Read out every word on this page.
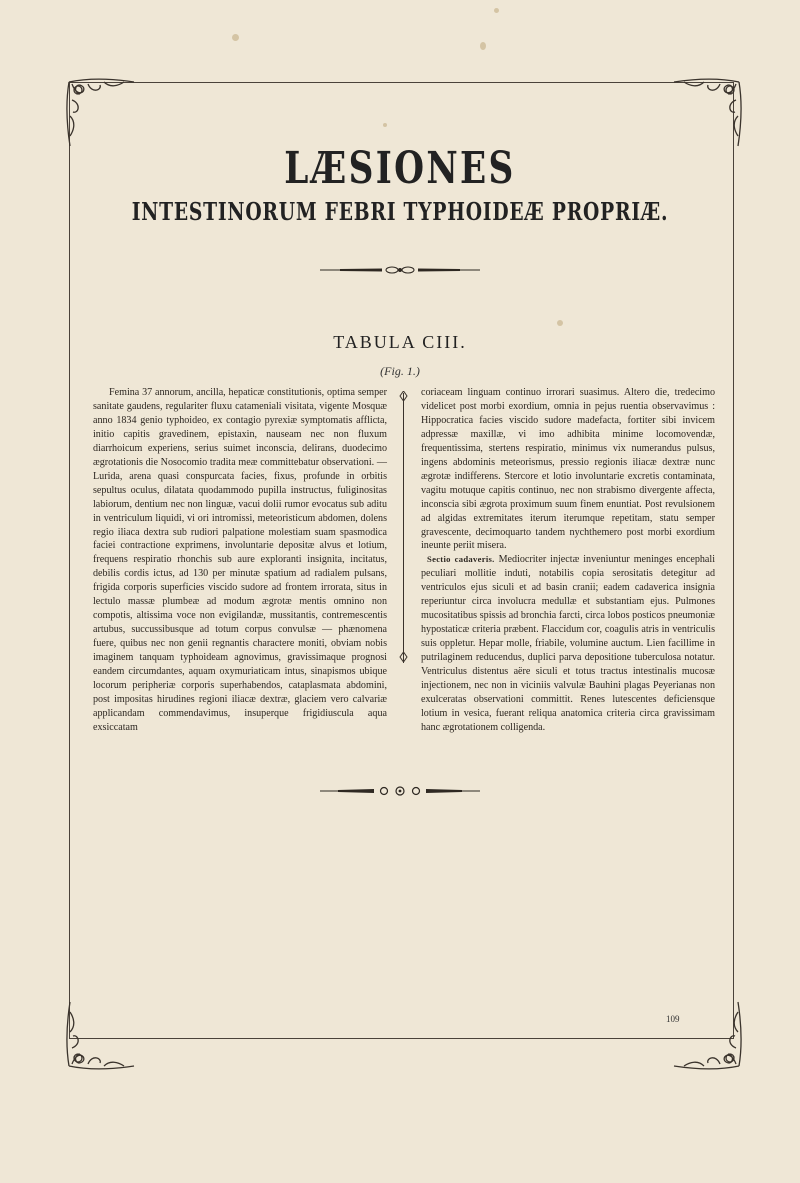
LÆSIONES
INTESTINORUM FEBRI TYPHOIDEÆ PROPRIÆ.
TABULA CIII.
(Fig. 1.)

Femina 37 annorum, ancilla, hepaticæ constitutionis, optima semper sanitate gaudens, regulariter fluxu catameniali visitata, vigente Mosquæ anno 1834 genio typhoideo, ex contagio pyrexiæ symptomatis afflicta, initio capitis gravedinem, epistaxin, nauseam nec non fluxum diarrhoicum experiens, serius suimet inconscia, delirans, duodecimo ægrotationis die Nosocomio tradita meæ committebatur observationi. — Lurida, arena quasi conspurcata facies, fixus, profunde in orbitis sepultus oculus, dilatata quodammodo pupilla instructus, fuliginositas labiorum, dentium nec non linguæ, vacui dolii rumor evocatus sub aditu in ventriculum liquidi, vi ori intromissi, meteoristicum abdomen, dolens regio iliaca dextra sub rudiori palpatione molestiam suam spasmodica faciei contractione exprimens, involuntarie depositæ alvus et lotium, frequens respiratio rhonchis sub aure exploranti insignita, incitatus, debilis cordis ictus, ad 130 per minutæ spatium ad radialem pulsans, frigida corporis superficies viscido sudore ad frontem irrorata, situs in lectulo massæ plumbeæ ad modum ægrotæ mentis omnino non compotis, altissima voce non evigilandæ, mussitantis, contremescentis artubus, succussibusque ad totum corpus convulsæ — phænomena fuere, quibus nec non genii regnantis charactere moniti, obviam nobis imaginem tanquam typhoideam agnovimus, gravissimaque prognosi eandem circumdantes, aquam oxymuriaticam intus, sinapismos ubique locorum peripheriæ corporis superhabendos, cataplasmata abdomini, post impositas hirudines regioni iliacæ dextræ, glaciem vero calvariæ applicandam commendavimus, insuperque frigidiuscula aqua exsiccatam

coriaceam linguam continuo irrorari suasimus. Altero die, tredecimo videlicet post morbi exordium, omnia in pejus ruentia observavimus : Hippocratica facies viscido sudore madefacta, fortiter sibi invicem adpressæ maxillæ, vi imo adhibita minime locomovendæ, frequentissima, stertens respiratio, minimus vix numerandus pulsus, ingens abdominis meteorismus, pressio regionis iliacæ dextræ nunc ægrotæ indifferens. Stercore et lotio involuntarie excretis contaminata, vagitu motuque capitis continuo, nec non strabismo divergente affecta, inconscia sibi ægrota proximum suum finem enuntiat. Post revulsionem ad algidas extremitates iterum iterumque repetitam, statu semper gravescente, decimoquarto tandem nychthemero post morbi exordium ineunte periit misera.

Sectio cadaveris. Mediocriter injectæ inveniuntur meninges encephali peculiari mollitie induti, notabilis copia serositatis detegitur ad ventriculos ejus siculi et ad basin cranii; eadem cadaverica insignia reperiuntur circa involucra medullæ et substantiam ejus. Pulmones mucositatibus spissis ad bronchia farcti, circa lobos posticos pneumoniæ hypostaticæ criteria præbent. Flaccidum cor, coagulis atris in ventriculis suis oppletur. Hepar molle, friabile, volumine auctum. Lien facillime in putrilaginem reducendus, duplici parva depositione tuberculosa notatur. Ventriculus distentus aëre siculi et totus tractus intestinalis mucosæ injectionem, nec non in viciniis valvulæ Bauhini plagas Peyerianas non exulceratas observationi committit. Renes lutescentes deficiensque lotium in vesica, fuerant reliqua anatomica criteria circa gravissimam hanc ægrotationem colligenda.

109
